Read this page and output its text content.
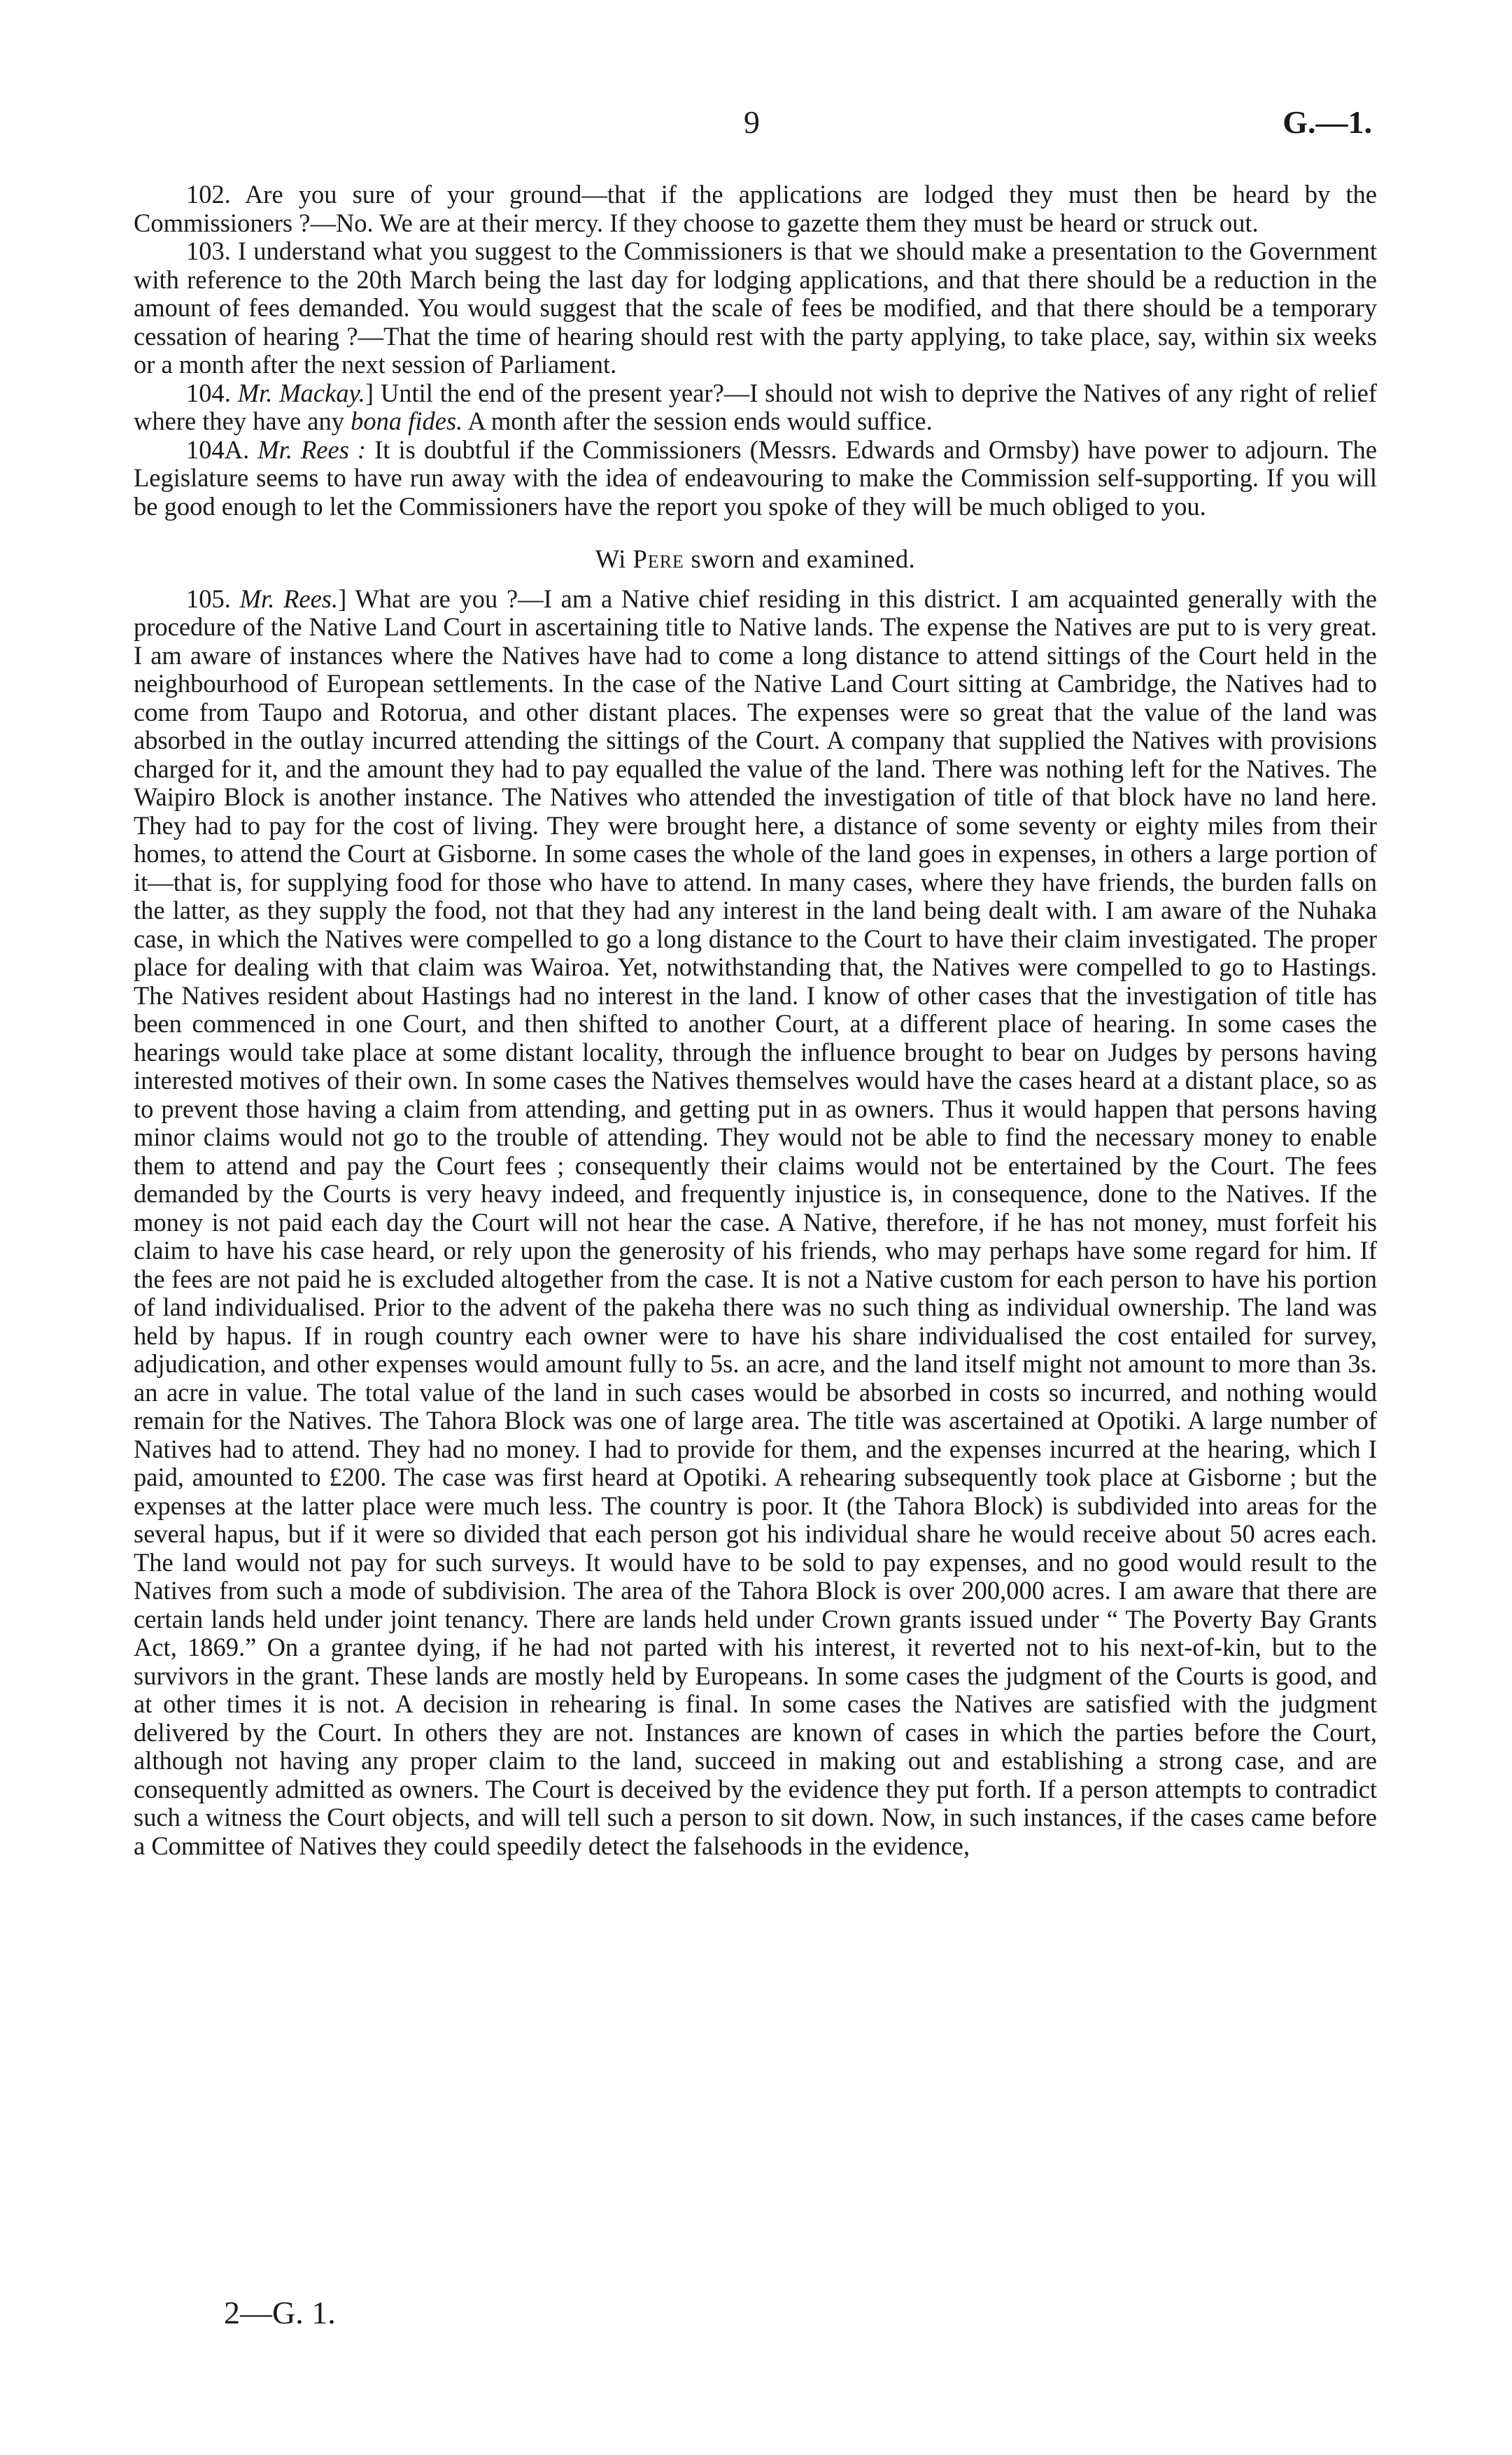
9	G.—1.

102. Are you sure of your ground—that if the applications are lodged they must then be heard by the Commissioners ?—No. We are at their mercy. If they choose to gazette them they must be heard or struck out.

103. I understand what you suggest to the Commissioners is that we should make a presentation to the Government with reference to the 20th March being the last day for lodging applications, and that there should be a reduction in the amount of fees demanded. You would suggest that the scale of fees be modified, and that there should be a temporary cessation of hearing ?—That the time of hearing should rest with the party applying, to take place, say, within six weeks or a month after the next session of Parliament.

104. Mr. Mackay.] Until the end of the present year?—I should not wish to deprive the Natives of any right of relief where they have any bona fides. A month after the session ends would suffice.

104A. Mr. Rees : It is doubtful if the Commissioners (Messrs. Edwards and Ormsby) have power to adjourn. The Legislature seems to have run away with the idea of endeavouring to make the Commission self-supporting. If you will be good enough to let the Commissioners have the report you spoke of they will be much obliged to you.

Wi Pere sworn and examined.

105. Mr. Rees.] What are you ?—I am a Native chief residing in this district. I am acquainted generally with the procedure of the Native Land Court in ascertaining title to Native lands. The expense the Natives are put to is very great. I am aware of instances where the Natives have had to come a long distance to attend sittings of the Court held in the neighbourhood of European settlements. In the case of the Native Land Court sitting at Cambridge, the Natives had to come from Taupo and Rotorua, and other distant places. The expenses were so great that the value of the land was absorbed in the outlay incurred attending the sittings of the Court. A company that supplied the Natives with provisions charged for it, and the amount they had to pay equalled the value of the land. There was nothing left for the Natives. The Waipiro Block is another instance. The Natives who attended the investigation of title of that block have no land here. They had to pay for the cost of living. They were brought here, a distance of some seventy or eighty miles from their homes, to attend the Court at Gisborne. In some cases the whole of the land goes in expenses, in others a large portion of it—that is, for supplying food for those who have to attend. In many cases, where they have friends, the burden falls on the latter, as they supply the food, not that they had any interest in the land being dealt with. I am aware of the Nuhaka case, in which the Natives were compelled to go a long distance to the Court to have their claim investigated. The proper place for dealing with that claim was Wairoa. Yet, notwithstanding that, the Natives were compelled to go to Hastings. The Natives resident about Hastings had no interest in the land. I know of other cases that the investigation of title has been commenced in one Court, and then shifted to another Court, at a different place of hearing. In some cases the hearings would take place at some distant locality, through the influence brought to bear on Judges by persons having interested motives of their own. In some cases the Natives themselves would have the cases heard at a distant place, so as to prevent those having a claim from attending, and getting put in as owners. Thus it would happen that persons having minor claims would not go to the trouble of attending. They would not be able to find the necessary money to enable them to attend and pay the Court fees ; consequently their claims would not be entertained by the Court. The fees demanded by the Courts is very heavy indeed, and frequently injustice is, in consequence, done to the Natives. If the money is not paid each day the Court will not hear the case. A Native, therefore, if he has not money, must forfeit his claim to have his case heard, or rely upon the generosity of his friends, who may perhaps have some regard for him. If the fees are not paid he is excluded altogether from the case. It is not a Native custom for each person to have his portion of land individualised. Prior to the advent of the pakeha there was no such thing as individual ownership. The land was held by hapus. If in rough country each owner were to have his share individualised the cost entailed for survey, adjudication, and other expenses would amount fully to 5s. an acre, and the land itself might not amount to more than 3s. an acre in value. The total value of the land in such cases would be absorbed in costs so incurred, and nothing would remain for the Natives. The Tahora Block was one of large area. The title was ascertained at Opotiki. A large number of Natives had to attend. They had no money. I had to provide for them, and the expenses incurred at the hearing, which I paid, amounted to £200. The case was first heard at Opotiki. A rehearing subsequently took place at Gisborne ; but the expenses at the latter place were much less. The country is poor. It (the Tahora Block) is subdivided into areas for the several hapus, but if it were so divided that each person got his individual share he would receive about 50 acres each. The land would not pay for such surveys. It would have to be sold to pay expenses, and no good would result to the Natives from such a mode of subdivision. The area of the Tahora Block is over 200,000 acres. I am aware that there are certain lands held under joint tenancy. There are lands held under Crown grants issued under “ The Poverty Bay Grants Act, 1869.” On a grantee dying, if he had not parted with his interest, it reverted not to his next-of-kin, but to the survivors in the grant. These lands are mostly held by Europeans. In some cases the judgment of the Courts is good, and at other times it is not. A decision in rehearing is final. In some cases the Natives are satisfied with the judgment delivered by the Court. In others they are not. Instances are known of cases in which the parties before the Court, although not having any proper claim to the land, succeed in making out and establishing a strong case, and are consequently admitted as owners. The Court is deceived by the evidence they put forth. If a person attempts to contradict such a witness the Court objects, and will tell such a person to sit down. Now, in such instances, if the cases came before a Committee of Natives they could speedily detect the falsehoods in the evidence,

2—G. 1.
